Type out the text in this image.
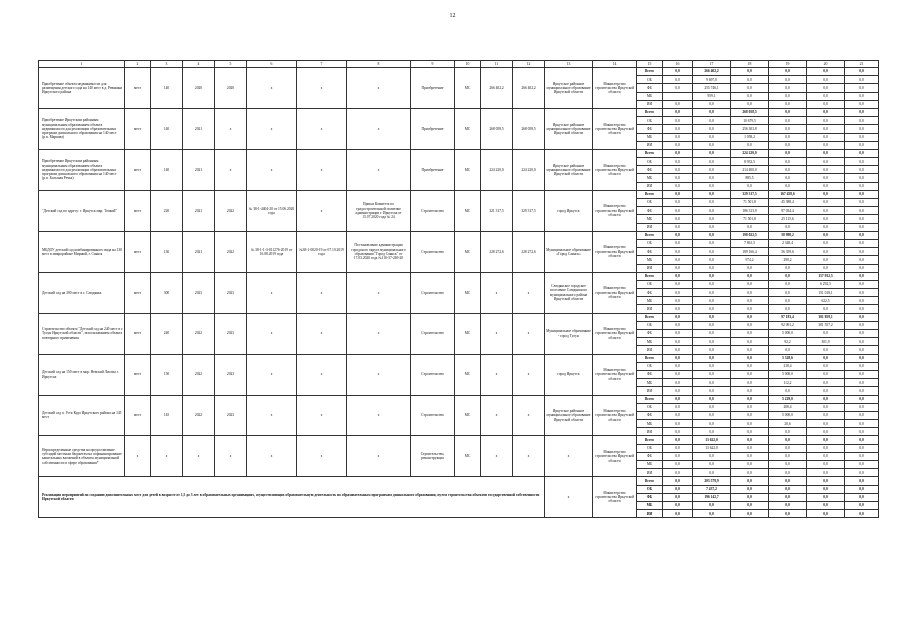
12
1	2	3	4	5	6	7	8	9	10	11	12	13	14	15	16	17	18	19	20	21
Приобретение объекта недвижимости для размещения детского сада на 140 мест в д. Ревякина Иркутского района	мест	140	2020	2020	х	х	х	Приобретение	МС	266 402,2	266 402,2	Иркутское районное муниципальное образование Иркутской области	Министерство строительства Иркутской области	Всего	0,0	266 402,2	0,0	0,0	0,0	0,0
														ОБ	0,0	9 697,0	0,0	0,0	0,0	0,0
														ФБ	0,0	255 746,1	0,0	0,0	0,0	0,0
														МБ		959,1	0,0	0,0	0,0	0,0
														ИИ	0,0	0,0	0,0	0,0	0,0	0,0
Приобретение Иркутским районным муниципальным образованием объекта недвижимости для реализации образовательных программ дошкольного образования на 140 мест (р.п. Маркова)	мест	140	2021	х	х	х	х	Приобретение	МС	268 058,5	268 058,5	Иркутское районное муниципальное образование Иркутской области	Министерство строительства Иркутской области	Всего	0,0	0,0	268 058,5	0,0	0,0	0,0
														ОБ	0,0	0,0	10 679,5	0,0	0,0	0,0
														ФБ	0,0	0,0	256 303,8	0,0	0,0	0,0
														МБ	0,0	0,0	1 058,2	0,0	0,0	0,0
														ИИ	0,0	0,0	0,0	0,0	0,0	0,0
Приобретение Иркутским районным муниципальным образованием объекта недвижимости для реализации образовательных программ дошкольного образования на 140 мест (р.п. Большая Речка)	мест	140	2021	х	х	х	х	Приобретение	МС	224 220,0	224 220,0	Иркутское районное муниципальное образование Иркутской области	Министерство строительства Иркутской области	Всего	0,0	0,0	224 220,0	0,0	0,0	0,0
														ОБ	0,0	0,0	8 933,5	0,0	0,0	0,0
														ФБ	0,0	0,0	214 400,0	0,0	0,0	0,0
														МБ	0,0	0,0	885,5	0,0	0,0	0,0
														ИИ	0,0	0,0	0,0	0,0	0,0	0,0
"Детский сад по адресу: г. Иркутск мкр. Топкий"	мест	220	2021	2022	№ 38-1-4404-20 от 15.06.2020 года	х	Приказ Комитета по градостроительной политике администрации г. Иркутска от 15.07.2020 года № 24	Строительство	МС	321 317,5	329 317,5	город Иркутск	Министерство строительства Иркутской области	Всего	0,0	0,0	329 317,5	167 458,6	0,0	0,0
														ОБ	0,0	0,0	71 501,8	45 388,4	0,0	0,0
														ФБ	0,0	0,0	186 313,9	97 034,4	0,0	0,0
														МБ	0,0	0,0	71 501,8	25 115,6	0,0	0,0
														ИИ	0,0	0,0	0,0	0,0	0,0	0,0
МБДОУ детский сад комбинированного вида на 130 мест в микрорайоне Мирный, г. Саянск	мест	130	2021	2022	№ 38-1-1-3-011276-2019 от 16.08.2019 года	№38-1-0020-19 от 07.10.2019 года	Постановление администрации городского округа муниципального образования "Город Саянск" от 17.03.2020 года №110-37-269-20	Строительство	МС	228 272,6	228 272,6	Муниципальное образование «Город Саянск»	Министерство строительства Иркутской области	Всего	0,0	0,0	198 022,5	58 998,2	0,0	0,0
														ОБ	0,0	0,0	7 861,5	2 348,4	0,0	0,0
														ФБ	0,0	0,0	189 166,4	56 359,6	0,0	0,0
														МБ	0,0	0,0	974,2	290,2	0,0	0,0
														ИИ	0,0	0,0	0,0	0,0	0,0	0,0
Детский сад на 300 мест в г. Слюдянка	мест	300	2023	2023	х	х	х	Строительство	МС	х	х	Слюдянское городское поселение Слюдянского муниципального района Иркутской области	Министерство строительства Иркутской области	Всего	0,0	0,0	0,0	0,0	157 932,5	0,0
														ОБ	0,0	0,0	0,0	0,0	6 292,5	0,0
														ФБ	0,0	0,0	0,0	0,0	151 018,1	0,0
														МБ	0,0	0,0	0,0	0,0	622,5	0,0
														ИИ	0,0	0,0	0,0	0,0	0,0	0,0
Строительство объекта "Детский сад на 240 мест в г. Тулун Иркутской области", использованием объекта повторного применения	мест	240	2022	2023	х	х	х	Строительство	МС	х	х	Муниципальное образование - город Тулун	Министерство строительства Иркутской области	Всего	0,0	0,0	0,0	97 183,4	301 859,1	0,0
														ОБ	0,0	0,0	0,0	92 091,2	301 557,2	0,0
														ФБ	0,0	0,0	0,0	5 000,0	0,0	0,0
														МБ	0,0	0,0	0,0	92,2	301,9	0,0
														ИИ	0,0	0,0	0,0	0,0	0,0	0,0
Детский сад на 150 мест в мкр. Невский Лисиха г. Иркутска	мест	150	2022	2023	х	х	х	Строительство	МС	х	х	город Иркутск	Министерство строительства Иркутской области	Всего	0,0	0,0	0,0	5 328,6	0,0	0,0
														ОБ	0,0	0,0	0,0	218,4	0,0	0,0
														ФБ	0,0	0,0	0,0	5 000,0	0,0	0,0
														МБ	0,0	0,0	0,0	112,2	0,0	0,0
														ИИ	0,0	0,0	0,0	0,0	0,0	0,0
Детский сад п. Усть-Куда Иркутского района на 145 мест	мест	145	2022	2023	х	х	х	Строительство	МС	х	х	Иркутское районное муниципальное образование Иркутской области	Министерство строительства Иркутской области	Всего	0,0	0,0	0,0	5 229,0	0,0	0,0
														ОБ	0,0	0,0	0,0	208,4	0,0	0,0
														ФБ	0,0	0,0	0,0	5 000,0	0,0	0,0
														МБ	0,0	0,0	0,0	20,6	0,0	0,0
														ИИ	0,0	0,0	0,0	0,0	0,0	0,0
Нераспределенные средства на предоставление субсидий местным бюджетам на софинансирование капитальных вложений в объекты муниципальной собственности в сфере образования*	х	х	х	х	х	х	х	Строительство, реконструкция	МС	х	х	х	Министерство строительства Иркутской области	Всего	0,0	13 622,0	0,0	0,0	0,0	0,0
														ОБ	0,0	13 622,0	0,0	0,0	0,0	0,0
														ФБ	0,0	0,0	0,0	0,0	0,0	0,0
														МБ	0,0	0,0	0,0	0,0	0,0	0,0
														ИИ	0,0	0,0	0,0	0,0	0,0	0,0
Реализация мероприятий по созданию дополнительных мест для детей в возрасте от 1,5 до 3 лет в образовательных организациях, осуществляющих образовательную деятельность по образовательным программам дошкольного образования, путем строительства объектов государственной собственности Иркутской области												х	Министерство строительства Иркутской области	Всего	0,0	203 579,9	0,0	0,0	0,0	0,0
														ОБ	0,0	7 437,2	0,0	0,0	0,0	0,0
														ФБ	0,0	196 142,7	0,0	0,0	0,0	0,0
														МБ	0,0	0,0	0,0	0,0	0,0	0,0
														ИИ	0,0	0,0	0,0	0,0	0,0	0,0
